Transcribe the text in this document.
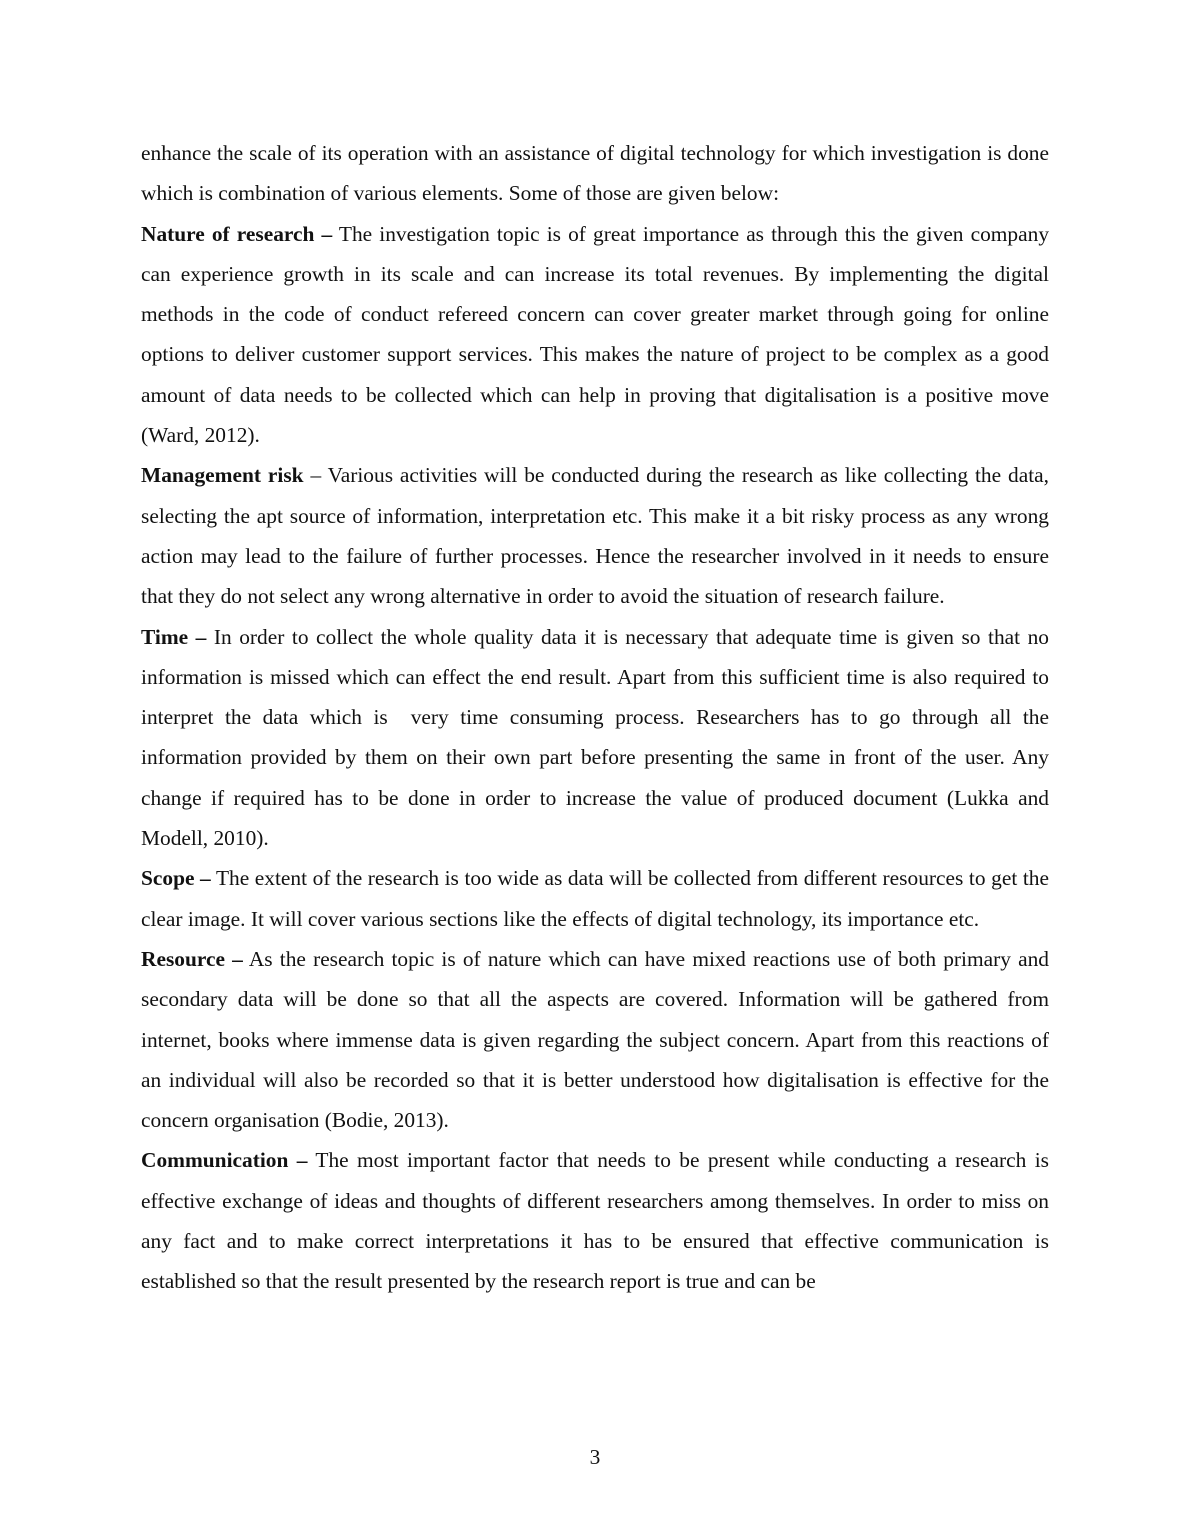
enhance the scale of its operation with an assistance of digital technology for which investigation is done which is combination of various elements. Some of those are given below:

Nature of research – The investigation topic is of great importance as through this the given company can experience growth in its scale and can increase its total revenues. By implementing the digital methods in the code of conduct refereed concern can cover greater market through going for online options to deliver customer support services. This makes the nature of project to be complex as a good amount of data needs to be collected which can help in proving that digitalisation is a positive move (Ward, 2012).

Management risk – Various activities will be conducted during the research as like collecting the data, selecting the apt source of information, interpretation etc. This make it a bit risky process as any wrong action may lead to the failure of further processes. Hence the researcher involved in it needs to ensure that they do not select any wrong alternative in order to avoid the situation of research failure.

Time – In order to collect the whole quality data it is necessary that adequate time is given so that no information is missed which can effect the end result. Apart from this sufficient time is also required to interpret the data which is  very time consuming process. Researchers has to go through all the information provided by them on their own part before presenting the same in front of the user. Any change if required has to be done in order to increase the value of produced document (Lukka and Modell, 2010).

Scope – The extent of the research is too wide as data will be collected from different resources to get the clear image. It will cover various sections like the effects of digital technology, its importance etc.

Resource – As the research topic is of nature which can have mixed reactions use of both primary and secondary data will be done so that all the aspects are covered. Information will be gathered from internet, books where immense data is given regarding the subject concern. Apart from this reactions of an individual will also be recorded so that it is better understood how digitalisation is effective for the concern organisation (Bodie, 2013).

Communication – The most important factor that needs to be present while conducting a research is effective exchange of ideas and thoughts of different researchers among themselves. In order to miss on any fact and to make correct interpretations it has to be ensured that effective communication is established so that the result presented by the research report is true and can be

3
